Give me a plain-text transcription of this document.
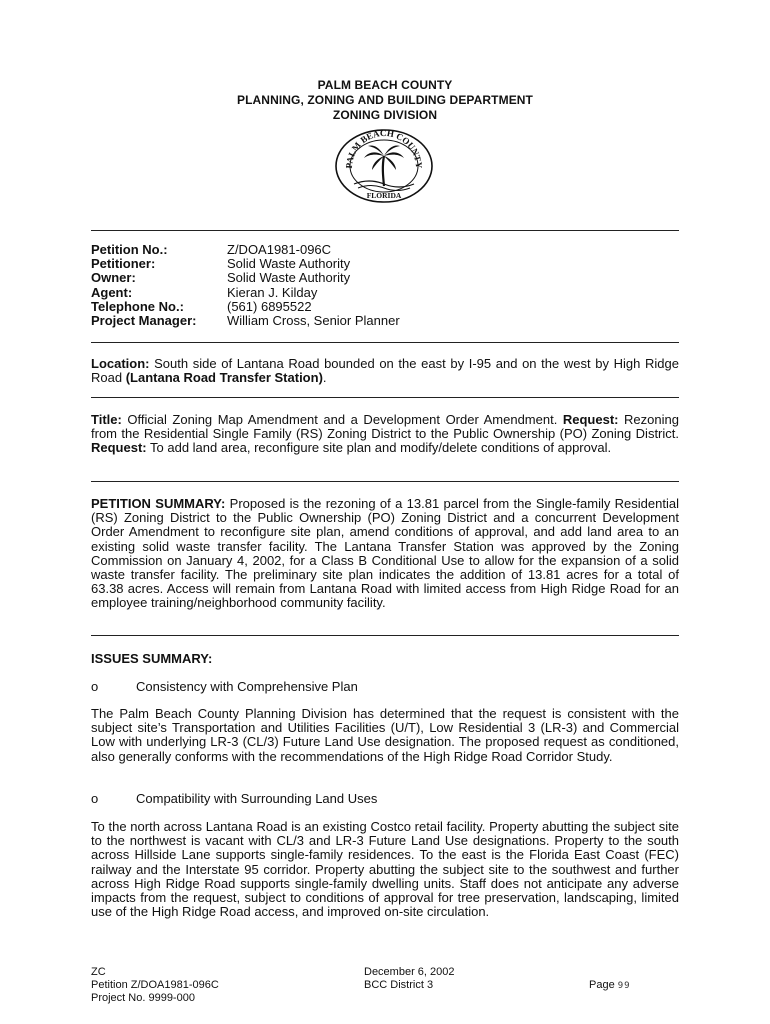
PALM BEACH COUNTY
PLANNING, ZONING AND BUILDING DEPARTMENT
ZONING DIVISION
PALM BEACH COUNTY
FLORIDA
Petition No.:	Z/DOA1981-096C
Petitioner:	Solid Waste Authority
Owner:	Solid Waste Authority
Agent:	Kieran J. Kilday
Telephone No.:	(561) 6895522
Project Manager:	William Cross, Senior Planner
Location: South side of Lantana Road bounded on the east by I-95 and on the west by High Ridge Road (Lantana Road Transfer Station).
Title: Official Zoning Map Amendment and a Development Order Amendment. Request: Rezoning from the Residential Single Family (RS) Zoning District to the Public Ownership (PO) Zoning District. Request: To add land area, reconfigure site plan and modify/delete conditions of approval.
PETITION SUMMARY: Proposed is the rezoning of a 13.81 parcel from the Single-family Residential (RS) Zoning District to the Public Ownership (PO) Zoning District and a concurrent Development Order Amendment to reconfigure site plan, amend conditions of approval, and add land area to an existing solid waste transfer facility. The Lantana Transfer Station was approved by the Zoning Commission on January 4, 2002, for a Class B Conditional Use to allow for the expansion of a solid waste transfer facility. The preliminary site plan indicates the addition of 13.81 acres for a total of 63.38 acres. Access will remain from Lantana Road with limited access from High Ridge Road for an employee training/neighborhood community facility.
ISSUES SUMMARY:
o	Consistency with Comprehensive Plan
The Palm Beach County Planning Division has determined that the request is consistent with the subject site’s Transportation and Utilities Facilities (U/T), Low Residential 3 (LR-3) and Commercial Low with underlying LR-3 (CL/3) Future Land Use designation. The proposed request as conditioned, also generally conforms with the recommendations of the High Ridge Road Corridor Study.
o	Compatibility with Surrounding Land Uses
To the north across Lantana Road is an existing Costco retail facility. Property abutting the subject site to the northwest is vacant with CL/3 and LR-3 Future Land Use designations. Property to the south across Hillside Lane supports single-family residences. To the east is the Florida East Coast (FEC) railway and the Interstate 95 corridor. Property abutting the subject site to the southwest and further across High Ridge Road supports single-family dwelling units. Staff does not anticipate any adverse impacts from the request, subject to conditions of approval for tree preservation, landscaping, limited use of the High Ridge Road access, and improved on-site circulation.
ZC
Petition Z/DOA1981-096C
Project No. 9999-000
December 6, 2002
BCC District 3	Page 99
